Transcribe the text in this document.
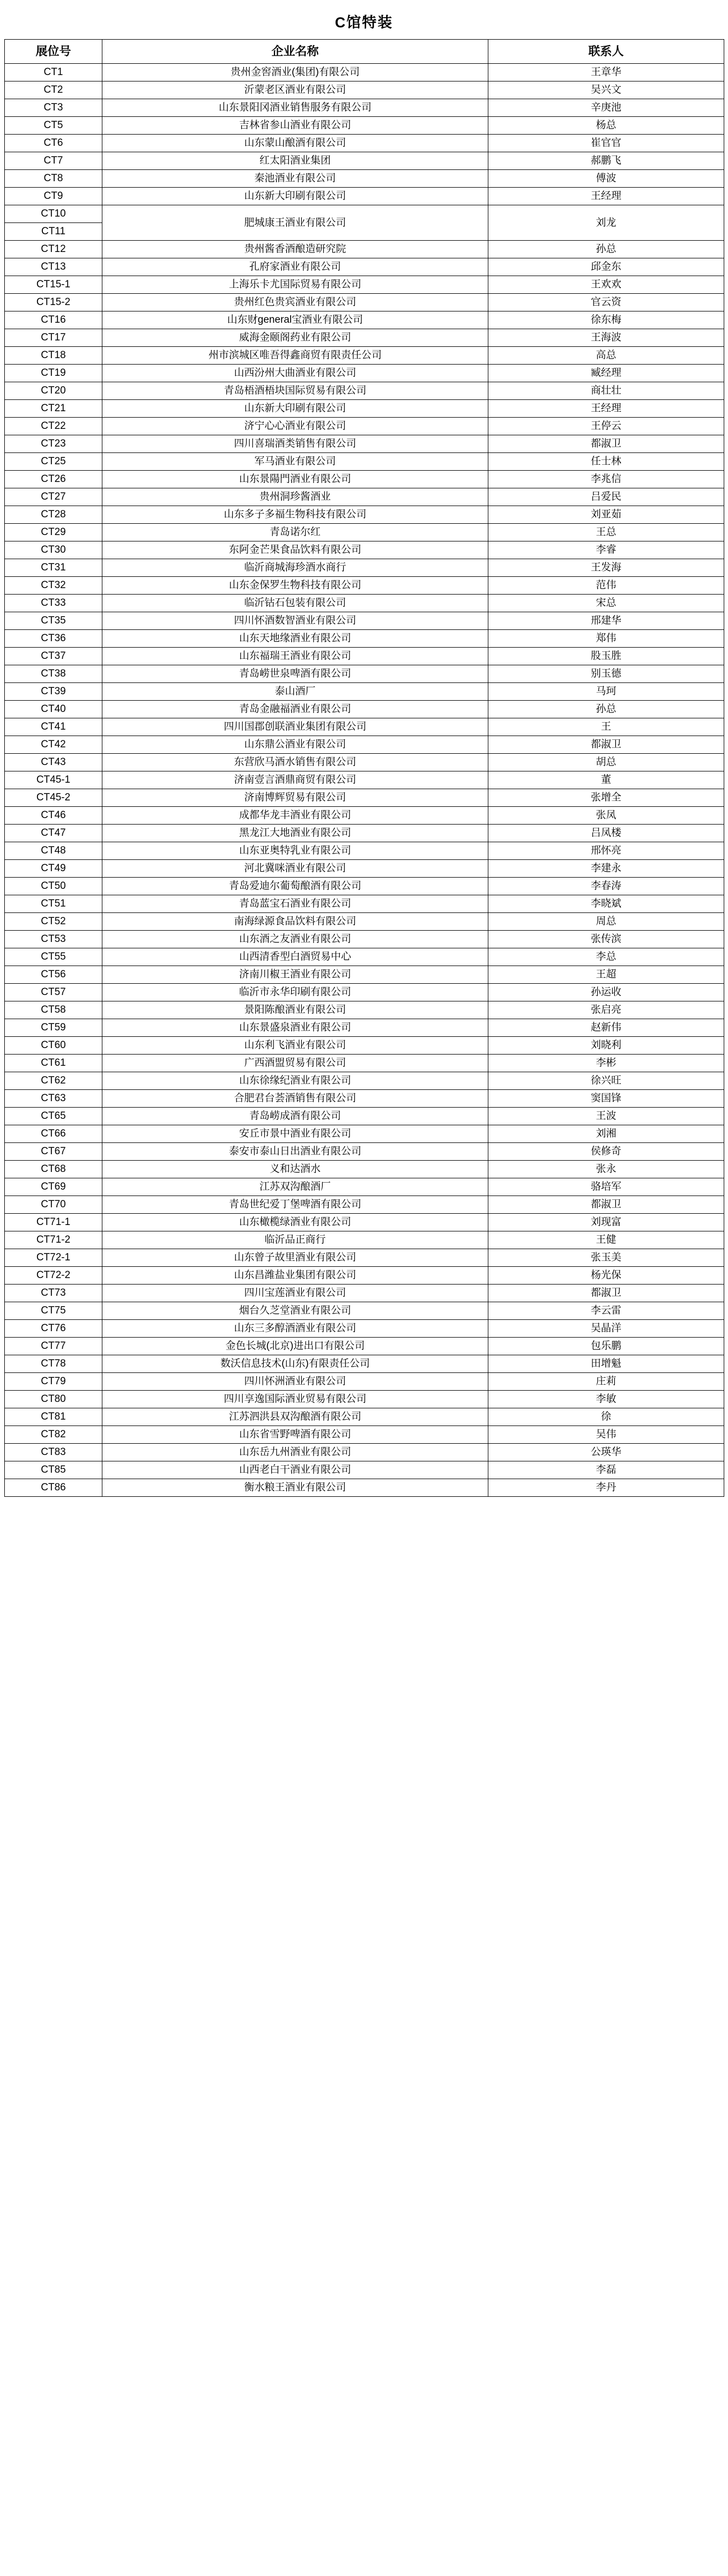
C馆特装
展位号	企业名称	联系人
CT1	贵州金窖酒业(集团)有限公司	王章华
CT2	沂蒙老区酒业有限公司	吴兴文
CT3	山东景阳冈酒业销售服务有限公司	辛庚池
CT5	吉林省参山酒业有限公司	杨总
CT6	山东蒙山酿酒有限公司	崔官官
CT7	红太阳酒业集团	郝鹏飞
CT8	秦池酒业有限公司	傅波
CT9	山东新大印刷有限公司	王经理
CT10	肥城康王酒业有限公司	刘龙
CT11		
CT12	贵州酱香酒酿造研究院	孙总
CT13	孔府家酒业有限公司	邱金东
CT15-1	上海乐卡尤国际贸易有限公司	王欢欢
CT15-2	贵州红色贵宾酒业有限公司	官云资
CT16	山东财general宝酒业有限公司	徐东梅
CT17	威海金颐阁药业有限公司	王海波
CT18	州市滨城区唯吾得鑫商贸有限责任公司	高总
CT19	山西汾州大曲酒业有限公司	臧经理
CT20	青岛梧酒梧块国际贸易有限公司	商壮壮
CT21	山东新大印刷有限公司	王经理
CT22	济宁心心酒业有限公司	王停云
CT23	四川喜瑞酒类销售有限公司	都淑卫
CT25	军马酒业有限公司	任士林
CT26	山东景陽門酒业有限公司	李兆信
CT27	贵州洞珍酱酒业	吕爱民
CT28	山东多子多福生物科技有限公司	刘亚茹
CT29	青岛诺尔红	王总
CT30	东阿金芒果食品饮料有限公司	李睿
CT31	临沂商城海珍酒水商行	王发海
CT32	山东金保罗生物科技有限公司	范伟
CT33	临沂钴石包装有限公司	宋总
CT35	四川怀酒数智酒业有限公司	邢建华
CT36	山东天地缘酒业有限公司	郑伟
CT37	山东福瑞王酒业有限公司	股玉胜
CT38	青岛崂世泉啤酒有限公司	别玉德
CT39	泰山酒厂	马珂
CT40	青岛金融福酒业有限公司	孙总
CT41	四川国郡创联酒业集团有限公司	王
CT42	山东鼎公酒业有限公司	都淑卫
CT43	东营欣马酒水销售有限公司	胡总
CT45-1	济南壹言酒鼎商贸有限公司	董
CT45-2	济南博辉贸易有限公司	张增全
CT46	成都华龙丰酒业有限公司	张凤
CT47	黑龙江大地酒业有限公司	吕凤楼
CT48	山东亚奥特乳业有限公司	邢怀亮
CT49	河北冀咪酒业有限公司	李建永
CT50	青岛爱迪尔葡萄酿酒有限公司	李春涛
CT51	青岛蓝宝石酒业有限公司	李晓斌
CT52	南海绿源食品饮料有限公司	周总
CT53	山东酒之友酒业有限公司	张传滨
CT55	山西清香型白酒贸易中心	李总
CT56	济南川椒王酒业有限公司	王超
CT57	临沂市永华印刷有限公司	孙运收
CT58	景阳陈酿酒业有限公司	张启亮
CT59	山东景盛泉酒业有限公司	赵新伟
CT60	山东利飞酒业有限公司	刘晓利
CT61	广西酒盟贸易有限公司	李彬
CT62	山东徐缘纪酒业有限公司	徐兴旺
CT63	合肥君台荟酒销售有限公司	窦国锋
CT65	青岛崂成酒有限公司	王波
CT66	安丘市景中酒业有限公司	刘湘
CT67	泰安市泰山日出酒业有限公司	侯修奇
CT68	义和达酒水	张永
CT69	江苏双沟酿酒厂	骆培军
CT70	青岛世纪爱丁堡啤酒有限公司	都淑卫
CT71-1	山东橄榄绿酒业有限公司	刘现富
CT71-2	临沂品正商行	王健
CT72-1	山东曾子故里酒业有限公司	张玉美
CT72-2	山东昌潍盐业集团有限公司	杨光保
CT73	四川宝莲酒业有限公司	都淑卫
CT75	烟台久芝堂酒业有限公司	李云雷
CT76	山东三多醇酒酒业有限公司	吴晶洋
CT77	金色长城(北京)进出口有限公司	包乐鹏
CT78	数沃信息技术(山东)有限责任公司	田增魁
CT79	四川怀洲酒业有限公司	庄莉
CT80	四川享逸国际酒业贸易有限公司	李敏
CT81	江苏泗洪县双沟酿酒有限公司	徐
CT82	山东省雪野啤酒有限公司	吴伟
CT83	山东岳九州酒业有限公司	公瑛华
CT85	山西老白干酒业有限公司	李磊
CT86	衡水粮王酒业有限公司	李丹
